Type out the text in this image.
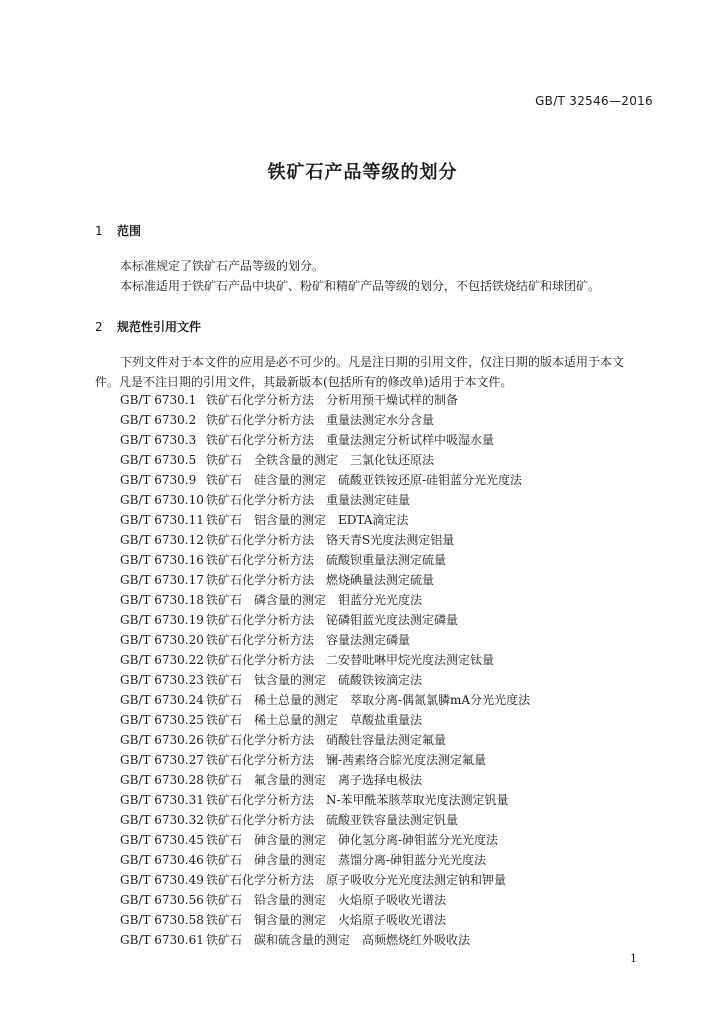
GB/T 32546—2016
铁矿石产品等级的划分
1 范围
本标准规定了铁矿石产品等级的划分。
本标准适用于铁矿石产品中块矿、粉矿和精矿产品等级的划分，不包括铁烧结矿和球团矿。
2 规范性引用文件
下列文件对于本文件的应用是必不可少的。凡是注日期的引用文件，仅注日期的版本适用于本文
件。凡是不注日期的引用文件，其最新版本(包括所有的修改单)适用于本文件。
GB/T 6730.1 铁矿石化学分析方法　分析用预干燥试样的制备
GB/T 6730.2 铁矿石化学分析方法　重量法测定水分含量
GB/T 6730.3 铁矿石化学分析方法　重量法测定分析试样中吸湿水量
GB/T 6730.5 铁矿石　全铁含量的测定　三氯化钛还原法
GB/T 6730.9 铁矿石　硅含量的测定　硫酸亚铁铵还原-硅钼蓝分光光度法
GB/T 6730.10 铁矿石化学分析方法　重量法测定硅量
GB/T 6730.11 铁矿石　铝含量的测定　EDTA滴定法
GB/T 6730.12 铁矿石化学分析方法　铬天青S光度法测定铝量
GB/T 6730.16 铁矿石化学分析方法　硫酸钡重量法测定硫量
GB/T 6730.17 铁矿石化学分析方法　燃烧碘量法测定硫量
GB/T 6730.18 铁矿石　磷含量的测定　钼蓝分光光度法
GB/T 6730.19 铁矿石化学分析方法　铋磷钼蓝光度法测定磷量
GB/T 6730.20 铁矿石化学分析方法　容量法测定磷量
GB/T 6730.22 铁矿石化学分析方法　二安替吡啉甲烷光度法测定钛量
GB/T 6730.23 铁矿石　钛含量的测定　硫酸铁铵滴定法
GB/T 6730.24 铁矿石　稀土总量的测定　萃取分离-偶氮氯膦mA分光光度法
GB/T 6730.25 铁矿石　稀土总量的测定　草酸盐重量法
GB/T 6730.26 铁矿石化学分析方法　硝酸钍容量法测定氟量
GB/T 6730.27 铁矿石化学分析方法　镧-茜素络合腙光度法测定氟量
GB/T 6730.28 铁矿石　氟含量的测定　离子选择电极法
GB/T 6730.31 铁矿石化学分析方法　N-苯甲酰苯胲萃取光度法测定钒量
GB/T 6730.32 铁矿石化学分析方法　硫酸亚铁容量法测定钒量
GB/T 6730.45 铁矿石　砷含量的测定　砷化氢分离-砷钼蓝分光光度法
GB/T 6730.46 铁矿石　砷含量的测定　蒸馏分离-砷钼蓝分光光度法
GB/T 6730.49 铁矿石化学分析方法　原子吸收分光光度法测定钠和钾量
GB/T 6730.56 铁矿石　铅含量的测定　火焰原子吸收光谱法
GB/T 6730.58 铁矿石　铜含量的测定　火焰原子吸收光谱法
GB/T 6730.61 铁矿石　碳和硫含量的测定　高频燃烧红外吸收法
1
